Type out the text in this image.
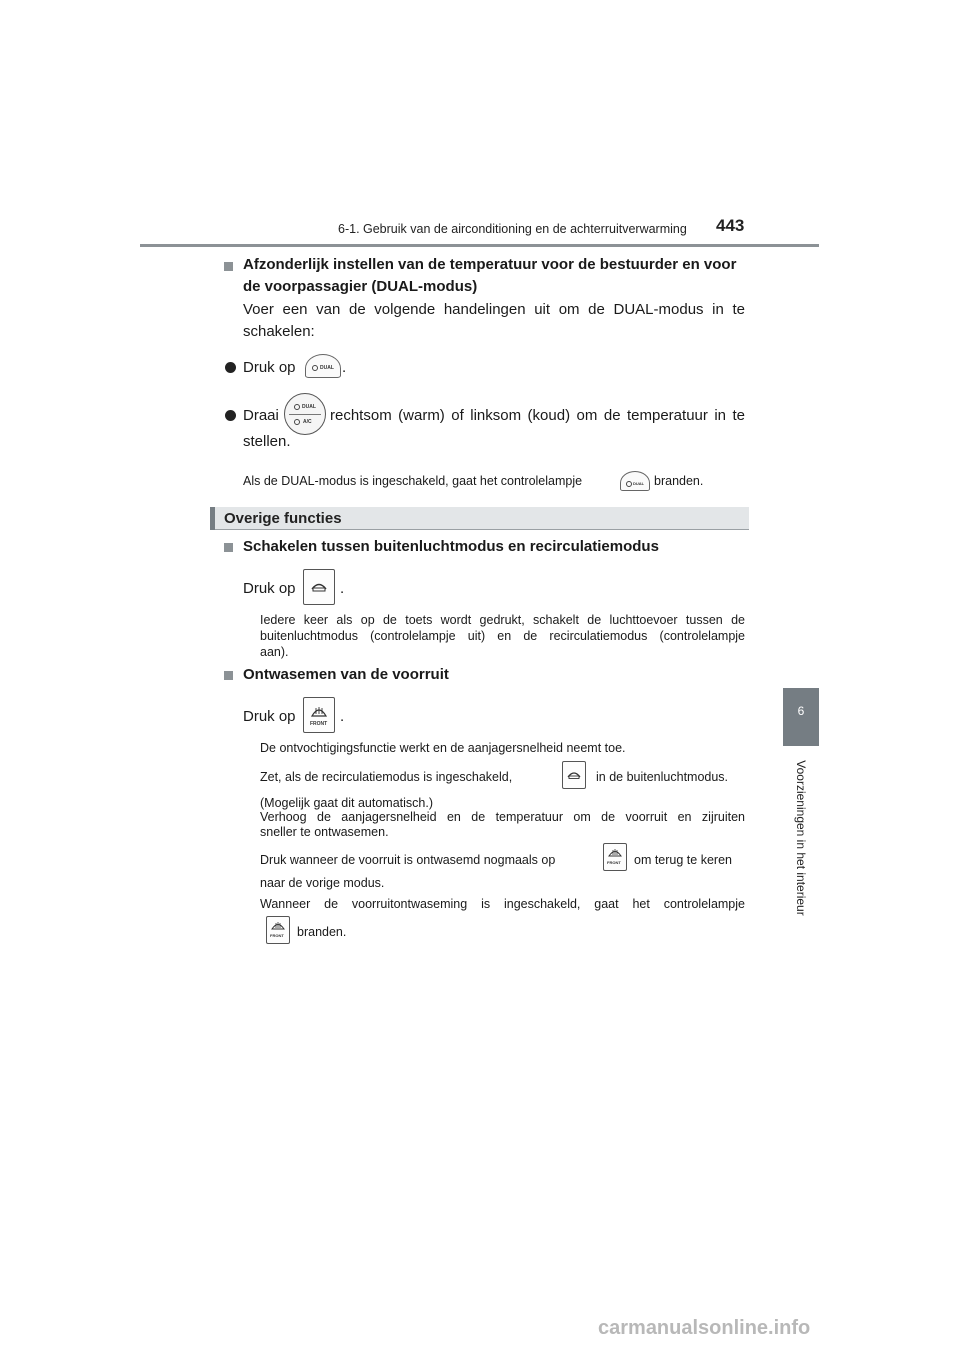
6-1. Gebruik van de airconditioning en de achterruitverwarming 443
6
Voorzieningen in het interieur
Afzonderlijk instellen van de temperatuur voor de bestuurder en voor
de voorpassagier (DUAL-modus)
Voer een van de volgende handelingen uit om de DUAL-modus in te
schakelen:
Druk op	DUAL .
Draai	DUAL
A/C rechtsom (warm) of linksom (koud) om de temperatuur in te
stellen.
Als de DUAL-modus is ingeschakeld, gaat het controlelampje	DUAL branden.
Overige functies
Schakelen tussen buitenluchtmodus en recirculatiemodus
Druk op	.
Iedere keer als op de toets wordt gedrukt, schakelt de luchttoevoer tussen de
buitenluchtmodus (controlelampje uit) en de recirculatiemodus (controlelampje
aan).
Ontwasemen van de voorruit
Druk op	FRONT .
De ontvochtigingsfunctie werkt en de aanjagersnelheid neemt toe.
Zet, als de recirculatiemodus is ingeschakeld,	in de buitenluchtmodus.
(Mogelijk gaat dit automatisch.)
Verhoog de aanjagersnelheid en de temperatuur om de voorruit en zijruiten
sneller te ontwasemen.
Druk wanneer de voorruit is ontwasemd nogmaals op	FRONT om terug te keren
naar de vorige modus.
Wanneer de voorruitontwaseming is ingeschakeld, gaat het controlelampje
FRONT branden.
carmanualsonline.info
